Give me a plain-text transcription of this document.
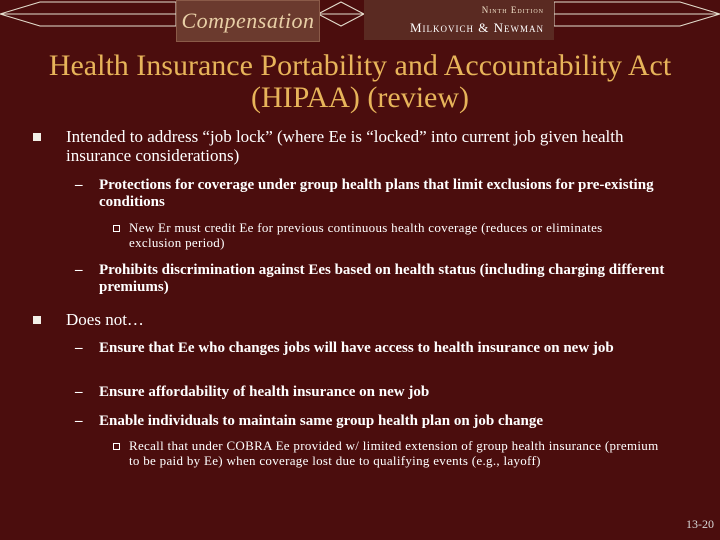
Compensation	Ninth Edition
Milkovich & Newman
Health Insurance Portability and Accountability Act (HIPAA) (review)
Intended to address “job lock” (where Ee is “locked” into current job given health insurance considerations)
– Protections for coverage under group health plans that limit exclusions for pre-existing conditions
New Er must credit Ee for previous continuous health coverage (reduces or eliminates exclusion period)
– Prohibits discrimination against Ees based on health status (including charging different premiums)
Does not…
– Ensure that Ee who changes jobs will have access to health insurance on new job
– Ensure affordability of health insurance on new job
– Enable individuals to maintain same group health plan on job change
Recall that under COBRA Ee provided w/ limited extension of group health insurance (premium to be paid by Ee) when coverage lost due to qualifying events (e.g., layoff)
13-20
